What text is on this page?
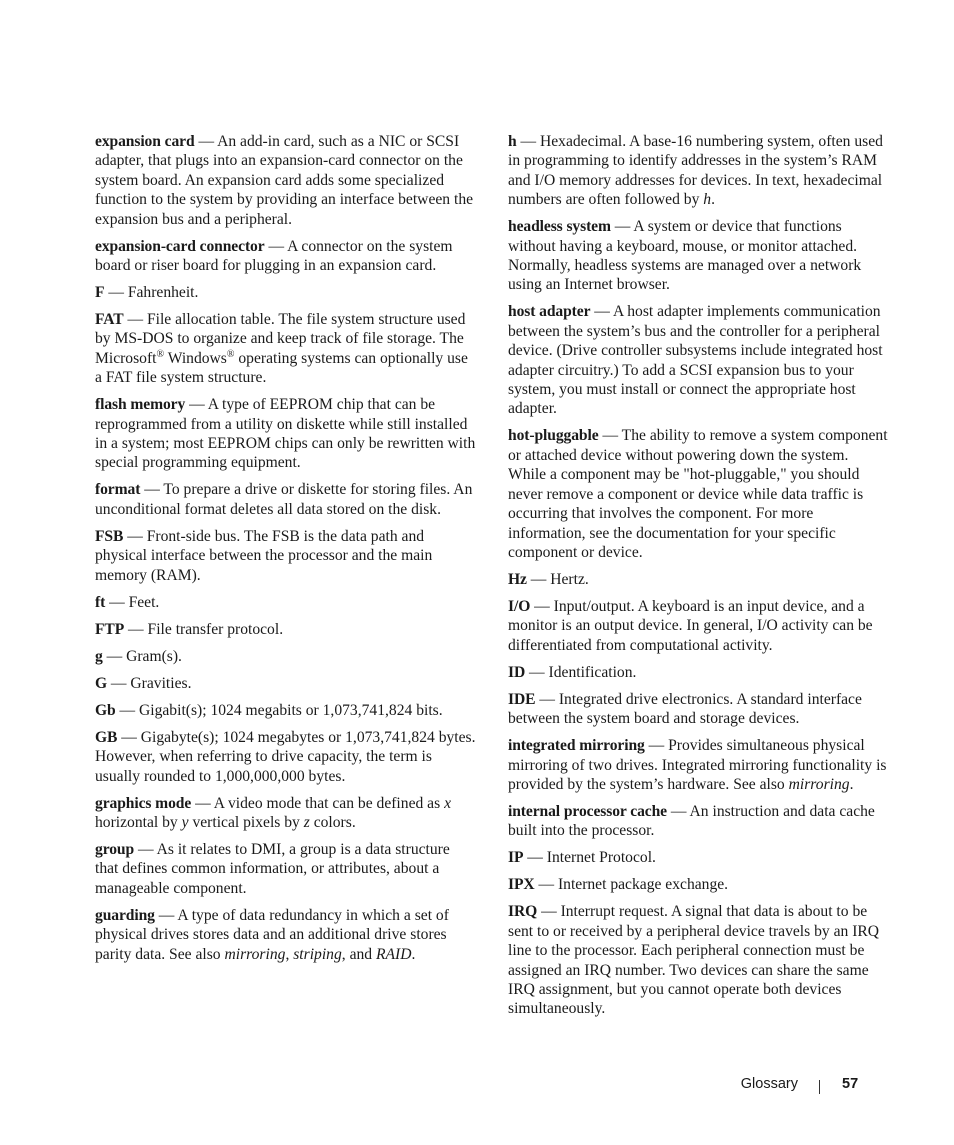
expansion card — An add-in card, such as a NIC or SCSI adapter, that plugs into an expansion-card connector on the system board. An expansion card adds some specialized function to the system by providing an interface between the expansion bus and a peripheral.

expansion-card connector — A connector on the system board or riser board for plugging in an expansion card.

F — Fahrenheit.

FAT — File allocation table. The file system structure used by MS-DOS to organize and keep track of file storage. The Microsoft® Windows® operating systems can optionally use a FAT file system structure.

flash memory — A type of EEPROM chip that can be reprogrammed from a utility on diskette while still installed in a system; most EEPROM chips can only be rewritten with special programming equipment.

format — To prepare a drive or diskette for storing files. An unconditional format deletes all data stored on the disk.

FSB — Front-side bus. The FSB is the data path and physical interface between the processor and the main memory (RAM).

ft — Feet.

FTP — File transfer protocol.

g — Gram(s).

G — Gravities.

Gb — Gigabit(s); 1024 megabits or 1,073,741,824 bits.

GB — Gigabyte(s); 1024 megabytes or 1,073,741,824 bytes. However, when referring to drive capacity, the term is usually rounded to 1,000,000,000 bytes.

graphics mode — A video mode that can be defined as x horizontal by y vertical pixels by z colors.

group — As it relates to DMI, a group is a data structure that defines common information, or attributes, about a manageable component.

guarding — A type of data redundancy in which a set of physical drives stores data and an additional drive stores parity data. See also mirroring, striping, and RAID.

h — Hexadecimal. A base-16 numbering system, often used in programming to identify addresses in the system’s RAM and I/O memory addresses for devices. In text, hexadecimal numbers are often followed by h.

headless system — A system or device that functions without having a keyboard, mouse, or monitor attached. Normally, headless systems are managed over a network using an Internet browser.

host adapter — A host adapter implements communication between the system’s bus and the controller for a peripheral device. (Drive controller subsystems include integrated host adapter circuitry.) To add a SCSI expansion bus to your system, you must install or connect the appropriate host adapter.

hot-pluggable — The ability to remove a system component or attached device without powering down the system. While a component may be "hot-pluggable," you should never remove a component or device while data traffic is occurring that involves the component. For more information, see the documentation for your specific component or device.

Hz — Hertz.

I/O — Input/output. A keyboard is an input device, and a monitor is an output device. In general, I/O activity can be differentiated from computational activity.

ID — Identification.

IDE — Integrated drive electronics. A standard interface between the system board and storage devices.

integrated mirroring — Provides simultaneous physical mirroring of two drives. Integrated mirroring functionality is provided by the system’s hardware. See also mirroring.

internal processor cache — An instruction and data cache built into the processor.

IP — Internet Protocol.

IPX — Internet package exchange.

IRQ — Interrupt request. A signal that data is about to be sent to or received by a peripheral device travels by an IRQ line to the processor. Each peripheral connection must be assigned an IRQ number. Two devices can share the same IRQ assignment, but you cannot operate both devices simultaneously.

Glossary	57
